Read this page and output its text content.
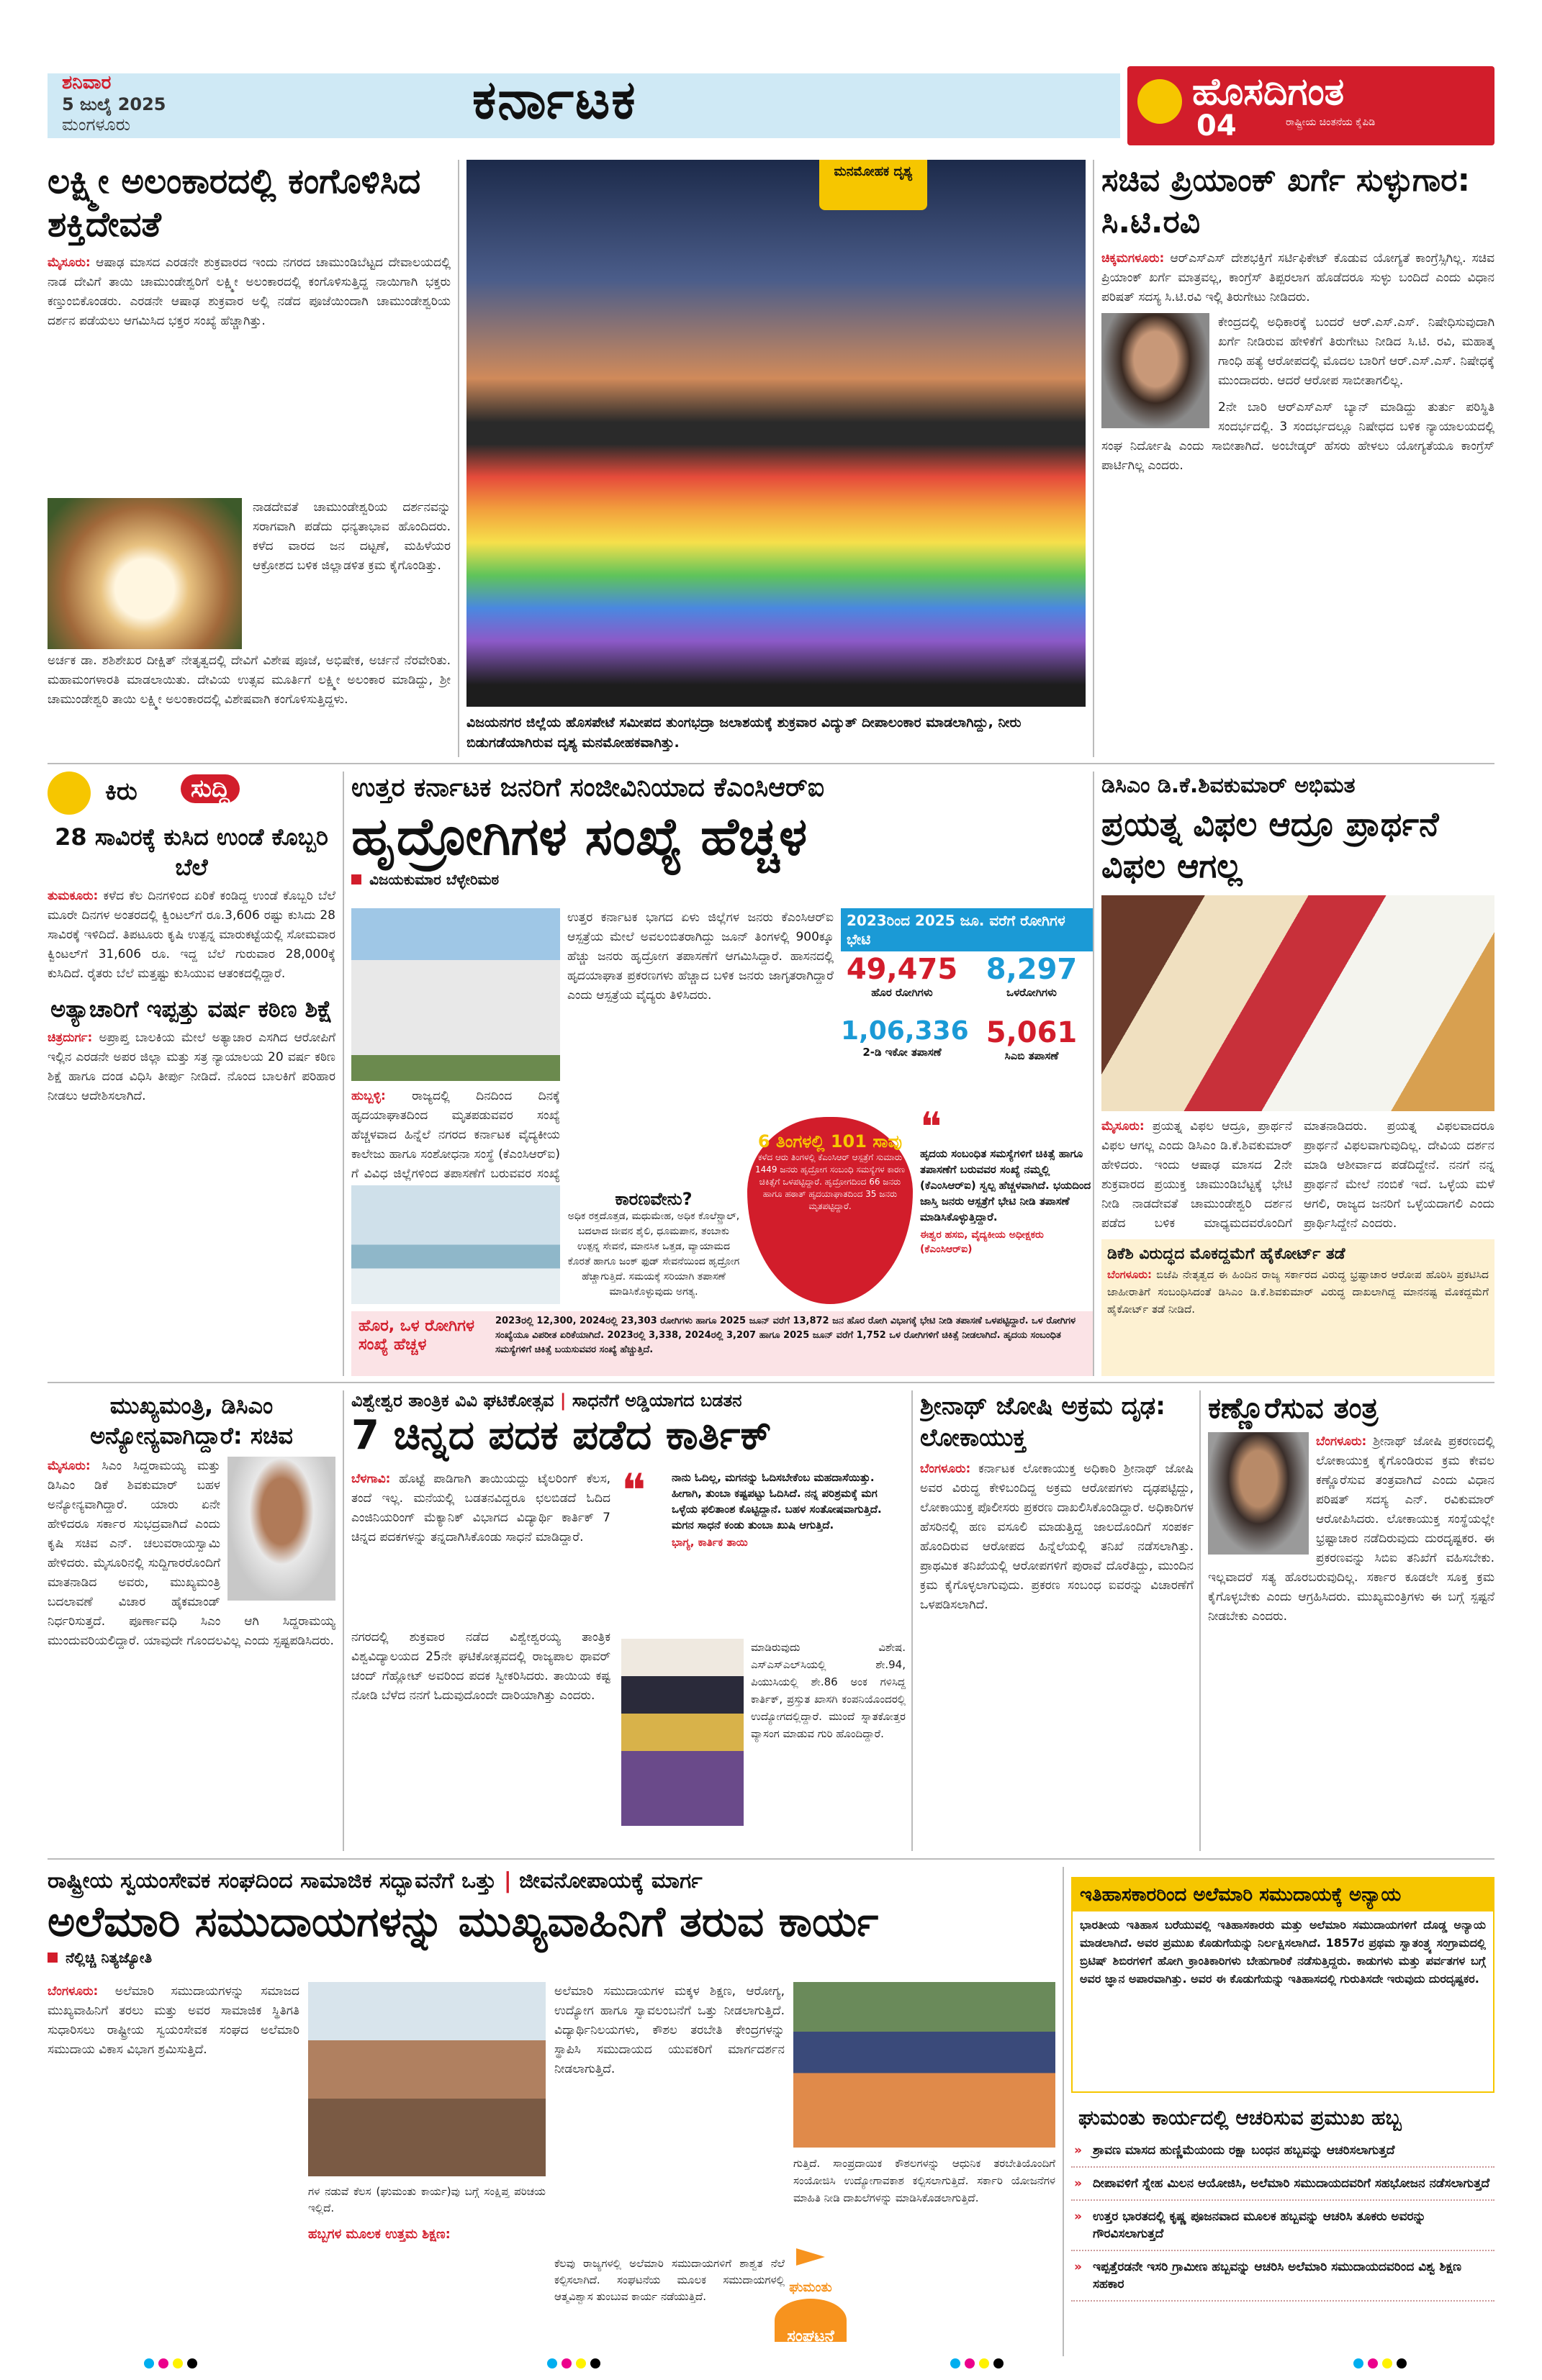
ಶನಿವಾರ
5 ಜುಲೈ 2025
ಮಂಗಳೂರು	ಕರ್ನಾಟಕ	ಹೊಸದಿಗಂತ
ರಾಷ್ಟ್ರೀಯ ಚಿಂತನೆಯ ಕೈಪಿಡಿ
04
ಲಕ್ಷ್ಮೀ ಅಲಂಕಾರದಲ್ಲಿ ಕಂಗೊಳಿಸಿದ ಶಕ್ತಿದೇವತೆ
ಮೈಸೂರು: ಆಷಾಢ ಮಾಸದ ಎರಡನೇ ಶುಕ್ರವಾರದ ಇಂದು ನಗರದ ಚಾಮುಂಡಿಬೆಟ್ಟದ ದೇವಾಲಯದಲ್ಲಿ ನಾಡ ದೇವಿಗೆ ತಾಯಿ ಚಾಮುಂಡೇಶ್ವರಿಗೆ ಲಕ್ಷ್ಮೀ ಅಲಂಕಾರದಲ್ಲಿ ಕಂಗೊಳಿಸುತ್ತಿದ್ದ ನಾಯಿಗಾಗಿ ಭಕ್ತರು ಕಣ್ತುಂಬಿಕೊಂಡರು. ಎರಡನೇ ಆಷಾಢ ಶುಕ್ರವಾರ ಅಲ್ಲಿ ನಡೆದ ಪೂಜೆಯಿಂದಾಗಿ ಚಾಮುಂಡೇಶ್ವರಿಯ ದರ್ಶನ ಪಡೆಯಲು ಆಗಮಿಸಿದ ಭಕ್ತರ ಸಂಖ್ಯೆ ಹೆಚ್ಚಾಗಿತ್ತು.
ನಾಡದೇವತೆ ಚಾಮುಂಡೇಶ್ವರಿಯ ದರ್ಶನವನ್ನು ಸರಾಗವಾಗಿ ಪಡೆದು ಧನ್ಯತಾಭಾವ ಹೊಂದಿದರು. ಕಳೆದ ವಾರದ ಜನ ದಟ್ಟಣೆ, ಮಹಿಳೆಯರ ಆಕ್ರೋಶದ ಬಳಿಕ ಜಿಲ್ಲಾಡಳಿತ ಕ್ರಮ ಕೈಗೊಂಡಿತ್ತು.
ಅರ್ಚಕ ಡಾ. ಶಶಿಶೇಖರ ದೀಕ್ಷಿತ್ ನೇತೃತ್ವದಲ್ಲಿ ದೇವಿಗೆ ವಿಶೇಷ ಪೂಜೆ, ಅಭಿಷೇಕ, ಅರ್ಚನೆ ನೆರವೇರಿತು. ಮಹಾಮಂಗಳಾರತಿ ಮಾಡಲಾಯಿತು. ದೇವಿಯ ಉತ್ಸವ ಮೂರ್ತಿಗೆ ಲಕ್ಷ್ಮೀ ಅಲಂಕಾರ ಮಾಡಿದ್ದು, ಶ್ರೀ ಚಾಮುಂಡೇಶ್ವರಿ ತಾಯಿ ಲಕ್ಷ್ಮೀ ಅಲಂಕಾರದಲ್ಲಿ ವಿಶೇಷವಾಗಿ ಕಂಗೊಳಿಸುತ್ತಿದ್ದಳು.
ಮನಮೋಹಕ ದೃಶ್ಯ
ವಿಜಯನಗರ ಜಿಲ್ಲೆಯ ಹೊಸಪೇಟೆ ಸಮೀಪದ ತುಂಗಭದ್ರಾ ಜಲಾಶಯಕ್ಕೆ ಶುಕ್ರವಾರ ವಿದ್ಯುತ್ ದೀಪಾಲಂಕಾರ ಮಾಡಲಾಗಿದ್ದು, ನೀರು ಬಿಡುಗಡೆಯಾಗಿರುವ ದೃಶ್ಯ ಮನಮೋಹಕವಾಗಿತ್ತು.
ಸಚಿವ ಪ್ರಿಯಾಂಕ್ ಖರ್ಗೆ ಸುಳ್ಳುಗಾರ: ಸಿ.ಟಿ.ರವಿ
ಚಿಕ್ಕಮಗಳೂರು: ಆರ್‌ಎಸ್‌ಎಸ್ ದೇಶಭಕ್ತಿಗೆ ಸರ್ಟಿಫಿಕೇಟ್ ಕೊಡುವ ಯೋಗ್ಯತೆ ಕಾಂಗ್ರೆಸ್ಸಿಗಿಲ್ಲ. ಸಚಿವ ಪ್ರಿಯಾಂಕ್ ಖರ್ಗೆ ಮಾತ್ರವಲ್ಲ, ಕಾಂಗ್ರೆಸ್ ತಿಪ್ಪರಲಾಗ ಹೊಡೆದರೂ ಸುಳ್ಳು ಬಂದಿದೆ ಎಂದು ವಿಧಾನ ಪರಿಷತ್ ಸದಸ್ಯ ಸಿ.ಟಿ.ರವಿ ಇಲ್ಲಿ ತಿರುಗೇಟು ನೀಡಿದರು.
ಕೇಂದ್ರದಲ್ಲಿ ಅಧಿಕಾರಕ್ಕೆ ಬಂದರೆ ಆರ್.ಎಸ್.ಎಸ್. ನಿಷೇಧಿಸುವುದಾಗಿ ಖರ್ಗೆ ನೀಡಿರುವ ಹೇಳಿಕೆಗೆ ತಿರುಗೇಟು ನೀಡಿದ ಸಿ.ಟಿ. ರವಿ, ಮಹಾತ್ಮ ಗಾಂಧಿ ಹತ್ಯೆ ಆರೋಪದಲ್ಲಿ ಮೊದಲ ಬಾರಿಗೆ ಆರ್.ಎಸ್.ಎಸ್. ನಿಷೇಧಕ್ಕೆ ಮುಂದಾದರು. ಆದರೆ ಆರೋಪ ಸಾಬೀತಾಗಲಿಲ್ಲ.
2ನೇ ಬಾರಿ ಆರ್‌ಎಸ್‌ಎಸ್ ಬ್ಯಾನ್ ಮಾಡಿದ್ದು ತುರ್ತು ಪರಿಸ್ಥಿತಿ ಸಂದರ್ಭದಲ್ಲಿ. 3 ಸಂದರ್ಭದಲ್ಲೂ ನಿಷೇಧದ ಬಳಿಕ ನ್ಯಾಯಾಲಯದಲ್ಲಿ ಸಂಘ ನಿರ್ದೋಷಿ ಎಂದು ಸಾಬೀತಾಗಿದೆ. ಅಂಬೇಡ್ಕರ್ ಹೆಸರು ಹೇಳಲು ಯೋಗ್ಯತೆಯೂ ಕಾಂಗ್ರೆಸ್ ಪಾರ್ಟಿಗಿಲ್ಲ ಎಂದರು.
ಕಿರು	ಸುದ್ದಿ
28 ಸಾವಿರಕ್ಕೆ ಕುಸಿದ ಉಂಡೆ ಕೊಬ್ಬರಿ ಬೆಲೆ
ತುಮಕೂರು: ಕಳೆದ ಕೆಲ ದಿನಗಳಿಂದ ಏರಿಕೆ ಕಂಡಿದ್ದ ಉಂಡೆ ಕೊಬ್ಬರಿ ಬೆಲೆ ಮೂರೇ ದಿನಗಳ ಅಂತರದಲ್ಲಿ ಕ್ವಿಂಟಲ್‌ಗೆ ರೂ.3,606 ರಷ್ಟು ಕುಸಿದು 28 ಸಾವಿರಕ್ಕೆ ಇಳಿದಿದೆ. ತಿಪಟೂರು ಕೃಷಿ ಉತ್ಪನ್ನ ಮಾರುಕಟ್ಟೆಯಲ್ಲಿ ಸೋಮವಾರ ಕ್ವಿಂಟಲ್‌ಗೆ 31,606 ರೂ. ಇದ್ದ ಬೆಲೆ ಗುರುವಾರ 28,000ಕ್ಕೆ ಕುಸಿದಿದೆ. ರೈತರು ಬೆಲೆ ಮತ್ತಷ್ಟು ಕುಸಿಯುವ ಆತಂಕದಲ್ಲಿದ್ದಾರೆ.
ಅತ್ಯಾಚಾರಿಗೆ ಇಪ್ಪತ್ತು ವರ್ಷ ಕಠಿಣ ಶಿಕ್ಷೆ
ಚಿತ್ರದುರ್ಗ: ಅಪ್ರಾಪ್ತ ಬಾಲಕಿಯ ಮೇಲೆ ಅತ್ಯಾಚಾರ ಎಸಗಿದ ಆರೋಪಿಗೆ ಇಲ್ಲಿನ ಎರಡನೇ ಅಪರ ಜಿಲ್ಲಾ ಮತ್ತು ಸತ್ರ ನ್ಯಾಯಾಲಯ 20 ವರ್ಷ ಕಠಿಣ ಶಿಕ್ಷೆ ಹಾಗೂ ದಂಡ ವಿಧಿಸಿ ತೀರ್ಪು ನೀಡಿದೆ. ನೊಂದ ಬಾಲಕಿಗೆ ಪರಿಹಾರ ನೀಡಲು ಆದೇಶಿಸಲಾಗಿದೆ.
ಉತ್ತರ ಕರ್ನಾಟಕ ಜನರಿಗೆ ಸಂಜೀವಿನಿಯಾದ ಕೆಎಂಸಿಆರ್‌ಐ
ಹೃದ್ರೋಗಿಗಳ ಸಂಖ್ಯೆ ಹೆಚ್ಚಳ
ವಿಜಯಕುಮಾರ ಬೆಳ್ಳೇರಿಮಠ
ಹುಬ್ಬಳ್ಳಿ: ರಾಜ್ಯದಲ್ಲಿ ದಿನದಿಂದ ದಿನಕ್ಕೆ ಹೃದಯಾಘಾತದಿಂದ ಮೃತಪಡುವವರ ಸಂಖ್ಯೆ ಹೆಚ್ಚಳವಾದ ಹಿನ್ನೆಲೆ ನಗರದ ಕರ್ನಾಟಕ ವೈದ್ಯಕೀಯ ಕಾಲೇಜು ಹಾಗೂ ಸಂಶೋಧನಾ ಸಂಸ್ಥೆ (ಕೆಎಂಸಿಆರ್‌ಐ) ಗೆ ವಿವಿಧ ಜಿಲ್ಲೆಗಳಿಂದ ತಪಾಸಣೆಗೆ ಬರುವವರ ಸಂಖ್ಯೆ
2023ರಿಂದ 2025 ಜೂ. ವರೆಗೆ ರೋಗಿಗಳ ಭೇಟಿ
49,475
ಹೊರ ರೋಗಿಗಳು
8,297
ಒಳರೋಗಿಗಳು
1,06,336
2-ಡಿ ಇಕೋ ತಪಾಸಣೆ
5,061
ಸಿಎಬಿ ತಪಾಸಣೆ
ಉತ್ತರ ಕರ್ನಾಟಕ ಭಾಗದ ಏಳು ಜಿಲ್ಲೆಗಳ ಜನರು ಕೆಎಂಸಿಆರ್‌ಐ ಆಸ್ಪತ್ರೆಯ ಮೇಲೆ ಅವಲಂಬಿತರಾಗಿದ್ದು ಜೂನ್ ತಿಂಗಳಲ್ಲಿ 900ಕ್ಕೂ ಹೆಚ್ಚು ಜನರು ಹೃದ್ರೋಗ ತಪಾಸಣೆಗೆ ಆಗಮಿಸಿದ್ದಾರೆ. ಹಾಸನದಲ್ಲಿ ಹೃದಯಾಘಾತ ಪ್ರಕರಣಗಳು ಹೆಚ್ಚಾದ ಬಳಿಕ ಜನರು ಜಾಗೃತರಾಗಿದ್ದಾರೆ ಎಂದು ಆಸ್ಪತ್ರೆಯ ವೈದ್ಯರು ತಿಳಿಸಿದರು.
ಕಾರಣವೇನು?
ಅಧಿಕ ರಕ್ತದೊತ್ತಡ, ಮಧುಮೇಹ, ಅಧಿಕ ಕೊಲೆಸ್ಟ್ರಾಲ್, ಬದಲಾದ ಜೀವನ ಶೈಲಿ, ಧೂಮಪಾನ, ತಂಬಾಕು ಉತ್ಪನ್ನ ಸೇವನೆ, ಮಾನಸಿಕ ಒತ್ತಡ, ವ್ಯಾಯಾಮದ ಕೊರತೆ ಹಾಗೂ ಜಂಕ್ ಫುಡ್ ಸೇವನೆಯಿಂದ ಹೃದ್ರೋಗ ಹೆಚ್ಚಾಗುತ್ತಿದೆ. ಸಮಯಕ್ಕೆ ಸರಿಯಾಗಿ ತಪಾಸಣೆ ಮಾಡಿಸಿಕೊಳ್ಳುವುದು ಅಗತ್ಯ.
6 ತಿಂಗಳಲ್ಲಿ 101 ಸಾವು
ಕಳೆದ ಆರು ತಿಂಗಳಲ್ಲಿ ಕೆಎಂಸಿಆರ್ ಆಸ್ಪತ್ರೆಗೆ ಸುಮಾರು 1449 ಜನರು ಹೃದ್ರೋಗ ಸಂಬಂಧಿ ಸಮಸ್ಯೆಗಳ ಕಾರಣ ಚಿಕಿತ್ಸೆಗೆ ಒಳಪಟ್ಟಿದ್ದಾರೆ. ಹೃದ್ರೋಗದಿಂದ 66 ಜನರು ಹಾಗೂ ಹಠಾತ್ ಹೃದಯಾಘಾತದಿಂದ 35 ಜನರು ಮೃತಪಟ್ಟಿದ್ದಾರೆ.
❝
ಹೃದಯ ಸಂಬಂಧಿತ ಸಮಸ್ಯೆಗಳಿಗೆ ಚಿಕಿತ್ಸೆ ಹಾಗೂ ತಪಾಸಣೆಗೆ ಬರುವವರ ಸಂಖ್ಯೆ ನಮ್ಮಲ್ಲಿ (ಕೆಎಂಸಿಆರ್‌ಐ) ಸ್ವಲ್ಪ ಹೆಚ್ಚಳವಾಗಿದೆ. ಭಯದಿಂದ ಜಾಸ್ತಿ ಜನರು ಆಸ್ಪತ್ರೆಗೆ ಭೇಟಿ ನೀಡಿ ತಪಾಸಣೆ ಮಾಡಿಸಿಕೊಳ್ಳುತ್ತಿದ್ದಾರೆ.
ಈಶ್ವರ ಹಸಬಿ, ವೈದ್ಯಕೀಯ ಅಧೀಕ್ಷಕರು (ಕೆಎಂಸಿಆರ್‌ಐ)
ಹೊರ, ಒಳ ರೋಗಿಗಳ ಸಂಖ್ಯೆ ಹೆಚ್ಚಳ
2023ರಲ್ಲಿ 12,300, 2024ರಲ್ಲಿ 23,303 ರೋಗಿಗಳು ಹಾಗೂ 2025 ಜೂನ್ ವರೆಗೆ 13,872 ಜನ ಹೊರ ರೋಗಿ ವಿಭಾಗಕ್ಕೆ ಭೇಟಿ ನೀಡಿ ತಪಾಸಣೆ ಒಳಪಟ್ಟಿದ್ದಾರೆ. ಒಳ ರೋಗಿಗಳ ಸಂಖ್ಯೆಯೂ ವಿಪರೀತ ಏರಿಕೆಯಾಗಿದೆ. 2023ರಲ್ಲಿ 3,338, 2024ರಲ್ಲಿ 3,207 ಹಾಗೂ 2025 ಜೂನ್ ವರೆಗೆ 1,752 ಒಳ ರೋಗಿಗಳಿಗೆ ಚಿಕಿತ್ಸೆ ನೀಡಲಾಗಿದೆ. ಹೃದಯ ಸಂಬಂಧಿತ ಸಮಸ್ಯೆಗಳಿಗೆ ಚಿಕಿತ್ಸೆ ಬಯಸುವವರ ಸಂಖ್ಯೆ ಹೆಚ್ಚುತ್ತಿದೆ.
ಡಿಸಿಎಂ ಡಿ.ಕೆ.ಶಿವಕುಮಾರ್ ಅಭಿಮತ
ಪ್ರಯತ್ನ ವಿಫಲ ಆದ್ರೂ ಪ್ರಾರ್ಥನೆ ವಿಫಲ ಆಗಲ್ಲ
ಮೈಸೂರು: ಪ್ರಯತ್ನ ವಿಫಲ ಆದ್ರೂ, ಪ್ರಾರ್ಥನೆ ವಿಫಲ ಆಗಲ್ಲ ಎಂದು ಡಿಸಿಎಂ ಡಿ.ಕೆ.ಶಿವಕುಮಾರ್ ಹೇಳಿದರು. ಇಂದು ಆಷಾಢ ಮಾಸದ 2ನೇ ಶುಕ್ರವಾರದ ಪ್ರಯುಕ್ತ ಚಾಮುಂಡಿಬೆಟ್ಟಕ್ಕೆ ಭೇಟಿ ನೀಡಿ ನಾಡದೇವತೆ ಚಾಮುಂಡೇಶ್ವರಿ ದರ್ಶನ ಪಡೆದ ಬಳಿಕ ಮಾಧ್ಯಮದವರೊಂದಿಗೆ ಮಾತನಾಡಿದರು. ಪ್ರಯತ್ನ ವಿಫಲವಾದರೂ ಪ್ರಾರ್ಥನೆ ವಿಫಲವಾಗುವುದಿಲ್ಲ. ದೇವಿಯ ದರ್ಶನ ಮಾಡಿ ಆಶೀರ್ವಾದ ಪಡೆದಿದ್ದೇನೆ. ನನಗೆ ನನ್ನ ಪ್ರಾರ್ಥನೆ ಮೇಲೆ ನಂಬಿಕೆ ಇದೆ. ಒಳ್ಳೆಯ ಮಳೆ ಆಗಲಿ, ರಾಜ್ಯದ ಜನರಿಗೆ ಒಳ್ಳೆಯದಾಗಲಿ ಎಂದು ಪ್ರಾರ್ಥಿಸಿದ್ದೇನೆ ಎಂದರು.
ಡಿಕೆಶಿ ವಿರುದ್ಧದ ಮೊಕದ್ದಮೆಗೆ ಹೈಕೋರ್ಟ್ ತಡೆ
ಬೆಂಗಳೂರು: ಬಿಜೆಪಿ ನೇತೃತ್ವದ ಈ ಹಿಂದಿನ ರಾಜ್ಯ ಸರ್ಕಾರದ ವಿರುದ್ಧ ಭ್ರಷ್ಟಾಚಾರ ಆರೋಪ ಹೊರಿಸಿ ಪ್ರಕಟಿಸಿದ ಜಾಹೀರಾತಿಗೆ ಸಂಬಂಧಿಸಿದಂತೆ ಡಿಸಿಎಂ ಡಿ.ಕೆ.ಶಿವಕುಮಾರ್ ವಿರುದ್ಧ ದಾಖಲಾಗಿದ್ದ ಮಾನನಷ್ಟ ಮೊಕದ್ದಮೆಗೆ ಹೈಕೋರ್ಟ್ ತಡೆ ನೀಡಿದೆ.
ಮುಖ್ಯಮಂತ್ರಿ, ಡಿಸಿಎಂ ಅನ್ಯೋನ್ಯವಾಗಿದ್ದಾರೆ: ಸಚಿವ
ಮೈಸೂರು: ಸಿಎಂ ಸಿದ್ದರಾಮಯ್ಯ ಮತ್ತು ಡಿಸಿಎಂ ಡಿಕೆ ಶಿವಕುಮಾರ್ ಬಹಳ ಅನ್ಯೋನ್ಯವಾಗಿದ್ದಾರೆ. ಯಾರು ಏನೇ ಹೇಳಿದರೂ ಸರ್ಕಾರ ಸುಭದ್ರವಾಗಿದೆ ಎಂದು ಕೃಷಿ ಸಚಿವ ಎನ್. ಚಲುವರಾಯಸ್ವಾಮಿ ಹೇಳಿದರು. ಮೈಸೂರಿನಲ್ಲಿ ಸುದ್ದಿಗಾರರೊಂದಿಗೆ ಮಾತನಾಡಿದ ಅವರು, ಮುಖ್ಯಮಂತ್ರಿ ಬದಲಾವಣೆ ವಿಚಾರ ಹೈಕಮಾಂಡ್ ನಿರ್ಧರಿಸುತ್ತದೆ. ಪೂರ್ಣಾವಧಿ ಸಿಎಂ ಆಗಿ ಸಿದ್ದರಾಮಯ್ಯ ಮುಂದುವರಿಯಲಿದ್ದಾರೆ. ಯಾವುದೇ ಗೊಂದಲವಿಲ್ಲ ಎಂದು ಸ್ಪಷ್ಟಪಡಿಸಿದರು.
ವಿಶ್ವೇಶ್ವರ ತಾಂತ್ರಿಕ ವಿವಿ ಘಟಿಕೋತ್ಸವ | ಸಾಧನೆಗೆ ಅಡ್ಡಿಯಾಗದ ಬಡತನ
7 ಚಿನ್ನದ ಪದಕ ಪಡೆದ ಕಾರ್ತಿಕ್
ಬೆಳಗಾವಿ: ಹೊಟ್ಟೆ ಪಾಡಿಗಾಗಿ ತಾಯಿಯದ್ದು ಟೈಲರಿಂಗ್ ಕೆಲಸ, ತಂದೆ ಇಲ್ಲ. ಮನೆಯಲ್ಲಿ ಬಡತನವಿದ್ದರೂ ಛಲಬಿಡದೆ ಓದಿದ ಎಂಜಿನಿಯರಿಂಗ್ ಮೆಕ್ಯಾನಿಕ್ ವಿಭಾಗದ ವಿದ್ಯಾರ್ಥಿ ಕಾರ್ತಿಕ್ 7 ಚಿನ್ನದ ಪದಕಗಳನ್ನು ತನ್ನದಾಗಿಸಿಕೊಂಡು ಸಾಧನೆ ಮಾಡಿದ್ದಾರೆ.
❝ ನಾನು ಓದಿಲ್ಲ, ಮಗನನ್ನು ಓದಿಸಬೇಕೆಂಬ ಮಹದಾಸೆಯಿತ್ತು. ಹೀಗಾಗಿ, ತುಂಬಾ ಕಷ್ಟಪಟ್ಟು ಓದಿಸಿದೆ. ನನ್ನ ಪರಿಶ್ರಮಕ್ಕೆ ಮಗ ಒಳ್ಳೆಯ ಫಲಿತಾಂಶ ಕೊಟ್ಟಿದ್ದಾನೆ. ಬಹಳ ಸಂತೋಷವಾಗುತ್ತಿದೆ. ಮಗನ ಸಾಧನೆ ಕಂಡು ತುಂಬಾ ಖುಷಿ ಆಗುತ್ತಿದೆ.
ಭಾಗ್ಯ, ಕಾರ್ತಿಕ ತಾಯಿ
ನಗರದಲ್ಲಿ ಶುಕ್ರವಾರ ನಡೆದ ವಿಶ್ವೇಶ್ವರಯ್ಯ ತಾಂತ್ರಿಕ ವಿಶ್ವವಿದ್ಯಾಲಯದ 25ನೇ ಘಟಿಕೋತ್ಸವದಲ್ಲಿ ರಾಜ್ಯಪಾಲ ಥಾವರ್ ಚಂದ್ ಗೆಹ್ಲೋಟ್ ಅವರಿಂದ ಪದಕ ಸ್ವೀಕರಿಸಿದರು. ತಾಯಿಯ ಕಷ್ಟ ನೋಡಿ ಬೆಳೆದ ನನಗೆ ಓದುವುದೊಂದೇ ದಾರಿಯಾಗಿತ್ತು ಎಂದರು.
ಮಾಡಿರುವುದು ವಿಶೇಷ. ಎಸ್‌ಎಸ್‌ಎಲ್‌ಸಿಯಲ್ಲಿ ಶೇ.94, ಪಿಯುಸಿಯಲ್ಲಿ ಶೇ.86 ಅಂಕ ಗಳಿಸಿದ್ದ ಕಾರ್ತಿಕ್, ಪ್ರಸ್ತುತ ಖಾಸಗಿ ಕಂಪನಿಯೊಂದರಲ್ಲಿ ಉದ್ಯೋಗದಲ್ಲಿದ್ದಾರೆ. ಮುಂದೆ ಸ್ನಾತಕೋತ್ತರ ವ್ಯಾಸಂಗ ಮಾಡುವ ಗುರಿ ಹೊಂದಿದ್ದಾರೆ.
ಶ್ರೀನಾಥ್ ಜೋಷಿ ಅಕ್ರಮ ದೃಢ: ಲೋಕಾಯುಕ್ತ
ಬೆಂಗಳೂರು: ಕರ್ನಾಟಕ ಲೋಕಾಯುಕ್ತ ಅಧಿಕಾರಿ ಶ್ರೀನಾಥ್ ಜೋಷಿ ಅವರ ವಿರುದ್ಧ ಕೇಳಿಬಂದಿದ್ದ ಅಕ್ರಮ ಆರೋಪಗಳು ದೃಢಪಟ್ಟಿದ್ದು, ಲೋಕಾಯುಕ್ತ ಪೊಲೀಸರು ಪ್ರಕರಣ ದಾಖಲಿಸಿಕೊಂಡಿದ್ದಾರೆ. ಅಧಿಕಾರಿಗಳ ಹೆಸರಿನಲ್ಲಿ ಹಣ ವಸೂಲಿ ಮಾಡುತ್ತಿದ್ದ ಜಾಲದೊಂದಿಗೆ ಸಂಪರ್ಕ ಹೊಂದಿರುವ ಆರೋಪದ ಹಿನ್ನೆಲೆಯಲ್ಲಿ ತನಿಖೆ ನಡೆಸಲಾಗಿತ್ತು. ಪ್ರಾಥಮಿಕ ತನಿಖೆಯಲ್ಲಿ ಆರೋಪಗಳಿಗೆ ಪುರಾವೆ ದೊರೆತಿದ್ದು, ಮುಂದಿನ ಕ್ರಮ ಕೈಗೊಳ್ಳಲಾಗುವುದು. ಪ್ರಕರಣ ಸಂಬಂಧ ಐವರನ್ನು ವಿಚಾರಣೆಗೆ ಒಳಪಡಿಸಲಾಗಿದೆ.
ಕಣ್ಣೊರೆಸುವ ತಂತ್ರ
ಬೆಂಗಳೂರು: ಶ್ರೀನಾಥ್ ಜೋಷಿ ಪ್ರಕರಣದಲ್ಲಿ ಲೋಕಾಯುಕ್ತ ಕೈಗೊಂಡಿರುವ ಕ್ರಮ ಕೇವಲ ಕಣ್ಣೊರೆಸುವ ತಂತ್ರವಾಗಿದೆ ಎಂದು ವಿಧಾನ ಪರಿಷತ್ ಸದಸ್ಯ ಎನ್. ರವಿಕುಮಾರ್ ಆರೋಪಿಸಿದರು. ಲೋಕಾಯುಕ್ತ ಸಂಸ್ಥೆಯಲ್ಲೇ ಭ್ರಷ್ಟಾಚಾರ ನಡೆದಿರುವುದು ದುರದೃಷ್ಟಕರ. ಈ ಪ್ರಕರಣವನ್ನು ಸಿಬಿಐ ತನಿಖೆಗೆ ವಹಿಸಬೇಕು. ಇಲ್ಲವಾದರೆ ಸತ್ಯ ಹೊರಬರುವುದಿಲ್ಲ. ಸರ್ಕಾರ ಕೂಡಲೇ ಸೂಕ್ತ ಕ್ರಮ ಕೈಗೊಳ್ಳಬೇಕು ಎಂದು ಆಗ್ರಹಿಸಿದರು. ಮುಖ್ಯಮಂತ್ರಿಗಳು ಈ ಬಗ್ಗೆ ಸ್ಪಷ್ಟನೆ ನೀಡಬೇಕು ಎಂದರು.
ರಾಷ್ಟ್ರೀಯ ಸ್ವಯಂಸೇವಕ ಸಂಘದಿಂದ ಸಾಮಾಜಿಕ ಸದ್ಭಾವನೆಗೆ ಒತ್ತು | ಜೀವನೋಪಾಯಕ್ಕೆ ಮಾರ್ಗ
ಅಲೆಮಾರಿ ಸಮುದಾಯಗಳನ್ನು ಮುಖ್ಯವಾಹಿನಿಗೆ ತರುವ ಕಾರ್ಯ
ನೆಲ್ಲಿಚ್ಚಿ ನಿತ್ಯಜ್ಯೋತಿ
ಬೆಂಗಳೂರು: ಅಲೆಮಾರಿ ಸಮುದಾಯಗಳನ್ನು ಸಮಾಜದ ಮುಖ್ಯವಾಹಿನಿಗೆ ತರಲು ಮತ್ತು ಅವರ ಸಾಮಾಜಿಕ ಸ್ಥಿತಿಗತಿ ಸುಧಾರಿಸಲು ರಾಷ್ಟ್ರೀಯ ಸ್ವಯಂಸೇವಕ ಸಂಘದ ಅಲೆಮಾರಿ ಸಮುದಾಯ ವಿಕಾಸ ವಿಭಾಗ ಶ್ರಮಿಸುತ್ತಿದೆ.
ಗಳ ನಡುವೆ ಕೆಲಸ (ಘುಮಂತು ಕಾರ್ಯ)ವು ಬಗ್ಗೆ ಸಂಕ್ಷಿಪ್ತ ಪರಿಚಯ ಇಲ್ಲಿದೆ.
ಹಬ್ಬಗಳ ಮೂಲಕ ಉತ್ತಮ ಶಿಕ್ಷಣ:
ಅಲೆಮಾರಿ ಸಮುದಾಯಗಳ ಮಕ್ಕಳ ಶಿಕ್ಷಣ, ಆರೋಗ್ಯ, ಉದ್ಯೋಗ ಹಾಗೂ ಸ್ವಾವಲಂಬನೆಗೆ ಒತ್ತು ನೀಡಲಾಗುತ್ತಿದೆ. ವಿದ್ಯಾರ್ಥಿನಿಲಯಗಳು, ಕೌಶಲ ತರಬೇತಿ ಕೇಂದ್ರಗಳನ್ನು ಸ್ಥಾಪಿಸಿ ಸಮುದಾಯದ ಯುವಕರಿಗೆ ಮಾರ್ಗದರ್ಶನ ನೀಡಲಾಗುತ್ತಿದೆ.
ಗುತ್ತಿದೆ. ಸಾಂಪ್ರದಾಯಿಕ ಕೌಶಲಗಳನ್ನು ಆಧುನಿಕ ತರಬೇತಿಯೊಂದಿಗೆ ಸಂಯೋಜಿಸಿ ಉದ್ಯೋಗಾವಕಾಶ ಕಲ್ಪಿಸಲಾಗುತ್ತಿದೆ. ಸರ್ಕಾರಿ ಯೋಜನೆಗಳ ಮಾಹಿತಿ ನೀಡಿ ದಾಖಲೆಗಳನ್ನು ಮಾಡಿಸಿಕೊಡಲಾಗುತ್ತಿದೆ.
ಕೆಲವು ರಾಜ್ಯಗಳಲ್ಲಿ ಅಲೆಮಾರಿ ಸಮುದಾಯಗಳಿಗೆ ಶಾಶ್ವತ ನೆಲೆ ಕಲ್ಪಿಸಲಾಗಿದೆ. ಸಂಘಟನೆಯ ಮೂಲಕ ಸಮುದಾಯಗಳಲ್ಲಿ ಆತ್ಮವಿಶ್ವಾಸ ತುಂಬುವ ಕಾರ್ಯ ನಡೆಯುತ್ತಿದೆ.
ಘುಮಂತು
ಸಂಘಟನೆ
ಇತಿಹಾಸಕಾರರಿಂದ ಅಲೆಮಾರಿ ಸಮುದಾಯಕ್ಕೆ ಅನ್ಯಾಯ
ಭಾರತೀಯ ಇತಿಹಾಸ ಬರೆಯುವಲ್ಲಿ ಇತಿಹಾಸಕಾರರು ಮತ್ತು ಅಲೆಮಾರಿ ಸಮುದಾಯಗಳಿಗೆ ದೊಡ್ಡ ಅನ್ಯಾಯ ಮಾಡಲಾಗಿದೆ. ಅವರ ಪ್ರಮುಖ ಕೊಡುಗೆಯನ್ನು ನಿರ್ಲಕ್ಷಿಸಲಾಗಿದೆ. 1857ರ ಪ್ರಥಮ ಸ್ವಾತಂತ್ರ್ಯ ಸಂಗ್ರಾಮದಲ್ಲಿ ಬ್ರಿಟಿಷ್ ಶಿಬಿರಗಳಿಗೆ ಹೋಗಿ ಕ್ರಾಂತಿಕಾರಿಗಳು ಬೇಹುಗಾರಿಕೆ ನಡೆಸುತ್ತಿದ್ದರು. ಕಾಡುಗಳು ಮತ್ತು ಪರ್ವತಗಳ ಬಗ್ಗೆ ಅವರ ಜ್ಞಾನ ಅಪಾರವಾಗಿತ್ತು. ಅವರ ಈ ಕೊಡುಗೆಯನ್ನು ಇತಿಹಾಸದಲ್ಲಿ ಗುರುತಿಸದೇ ಇರುವುದು ದುರದೃಷ್ಟಕರ.
ಘುಮಂತು ಕಾರ್ಯದಲ್ಲಿ ಆಚರಿಸುವ ಪ್ರಮುಖ ಹಬ್ಬ
» ಶ್ರಾವಣ ಮಾಸದ ಹುಣ್ಣಿಮೆಯಂದು ರಕ್ಷಾ ಬಂಧನ ಹಬ್ಬವನ್ನು ಆಚರಿಸಲಾಗುತ್ತದೆ
» ದೀಪಾವಳಿಗೆ ಸ್ನೇಹ ಮಿಲನ ಆಯೋಜಿಸಿ, ಅಲೆಮಾರಿ ಸಮುದಾಯದವರಿಗೆ ಸಹಭೋಜನ ನಡೆಸಲಾಗುತ್ತದೆ
» ಉತ್ತರ ಭಾರತದಲ್ಲಿ ಕೃಷ್ಣ ಪೂಜನವಾದ ಮೂಲಕ ಹಬ್ಬವನ್ನು ಆಚರಿಸಿ ತೂಕರು ಅವರನ್ನು ಗೌರವಿಸಲಾಗುತ್ತದೆ
» ಇಪ್ಪತ್ತೆರಡನೇ ಇಸರಿ ಗ್ರಾಮೀಣ ಹಬ್ಬವನ್ನು ಆಚರಿಸಿ ಅಲೆಮಾರಿ ಸಮುದಾಯದವರಿಂದ ವಿಶ್ವ ಶಿಕ್ಷಣ ಸಹಕಾರ
